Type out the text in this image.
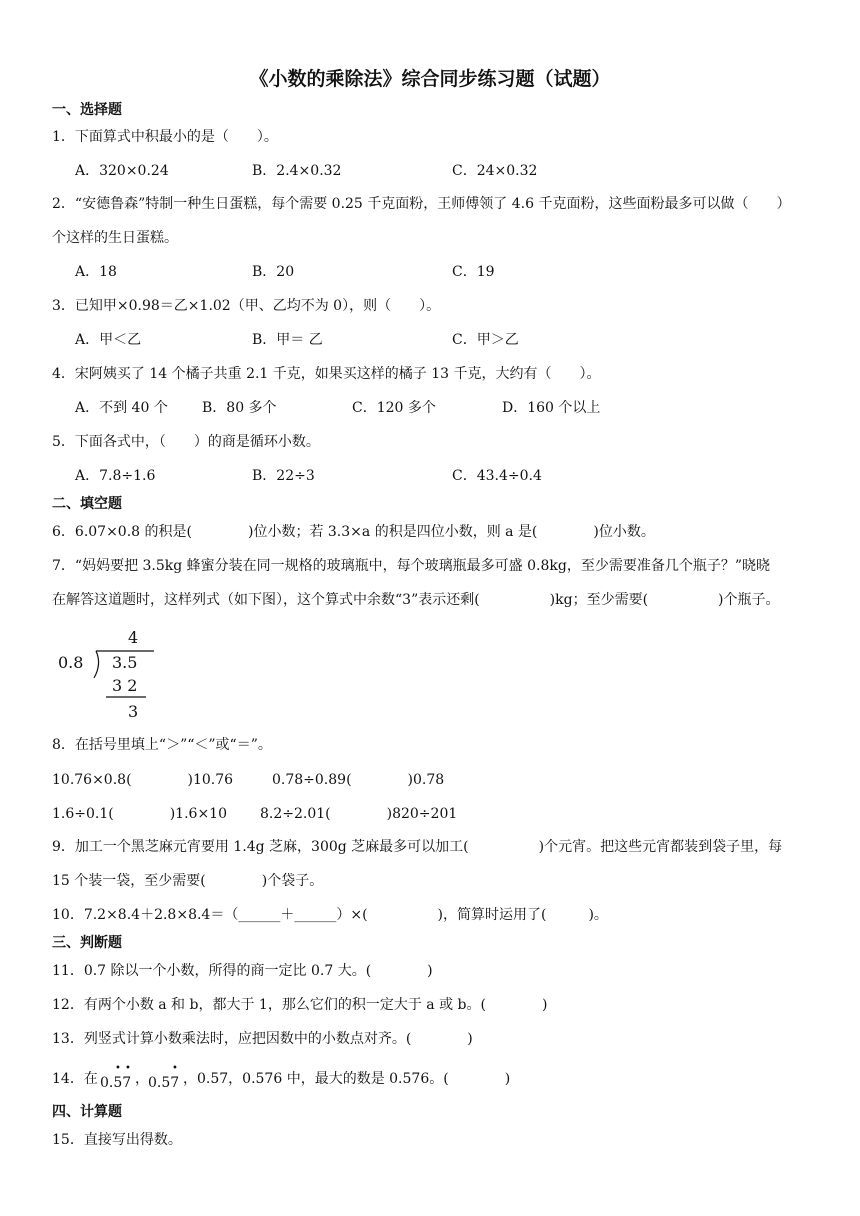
《小数的乘除法》综合同步练习题（试题）
一、选择题
1．下面算式中积最小的是（　　）。
A．320×0.24	B．2.4×0.32	C．24×0.32
2．“安德鲁森”特制一种生日蛋糕，每个需要 0.25 千克面粉，王师傅领了 4.6 千克面粉，这些面粉最多可以做（　　）
个这样的生日蛋糕。
A．18	B．20	C．19
3．已知甲×0.98＝乙×1.02（甲、乙均不为 0），则（　　）。
A．甲＜乙	B．甲＝ 乙	C．甲＞乙
4．宋阿姨买了 14 个橘子共重 2.1 千克，如果买这样的橘子 13 千克，大约有（　　）。
A．不到 40 个 B．80 多个	C．120 多个	D．160 个以上
5．下面各式中，（　　）的商是循环小数。
A．7.8÷1.6	B．22÷3	C．43.4÷0.4
二、填空题
6．6.07×0.8 的积是(　　　　)位小数；若 3.3×a 的积是四位小数，则 a 是(　　　　)位小数。
7．“妈妈要把 3.5kg 蜂蜜分装在同一规格的玻璃瓶中，每个玻璃瓶最多可盛 0.8kg，至少需要准备几个瓶子？”晓晓
在解答这道题时，这样列式（如下图），这个算式中余数“3”表示还剩(　　　　　)kg；至少需要(　　　　　)个瓶子。
4
0.8 3.5
3 2
3
8．在括号里填上“＞”“＜”或“＝”。
10.76×0.8(　　　　)10.76	0.78÷0.89(　　　　)0.78
1.6÷0.1(　　　　)1.6×10 8.2÷2.01(　　　　)820÷201
9．加工一个黑芝麻元宵要用 1.4g 芝麻，300g 芝麻最多可以加工(　　　　　)个元宵。把这些元宵都装到袋子里，每
15 个装一袋，至少需要(　　　　)个袋子。
10．7.2×8.4＋2.8×8.4＝（______＋______）×(　　　　　)，简算时运用了(　　　)。
三、判断题
11．0.7 除以一个小数，所得的商一定比 0.7 大。(　　　　)
12．有两个小数 a 和 b，都大于 1，那么它们的积一定大于 a 或 b。(　　　　)
13．列竖式计算小数乘法时，应把因数中的小数点对齐。(　　　　)
14．在 0.57
• •
， 0.57
•
，0.57，0.576 中，最大的数是 0.576。(　　　　)
四、计算题
15．直接写出得数。
